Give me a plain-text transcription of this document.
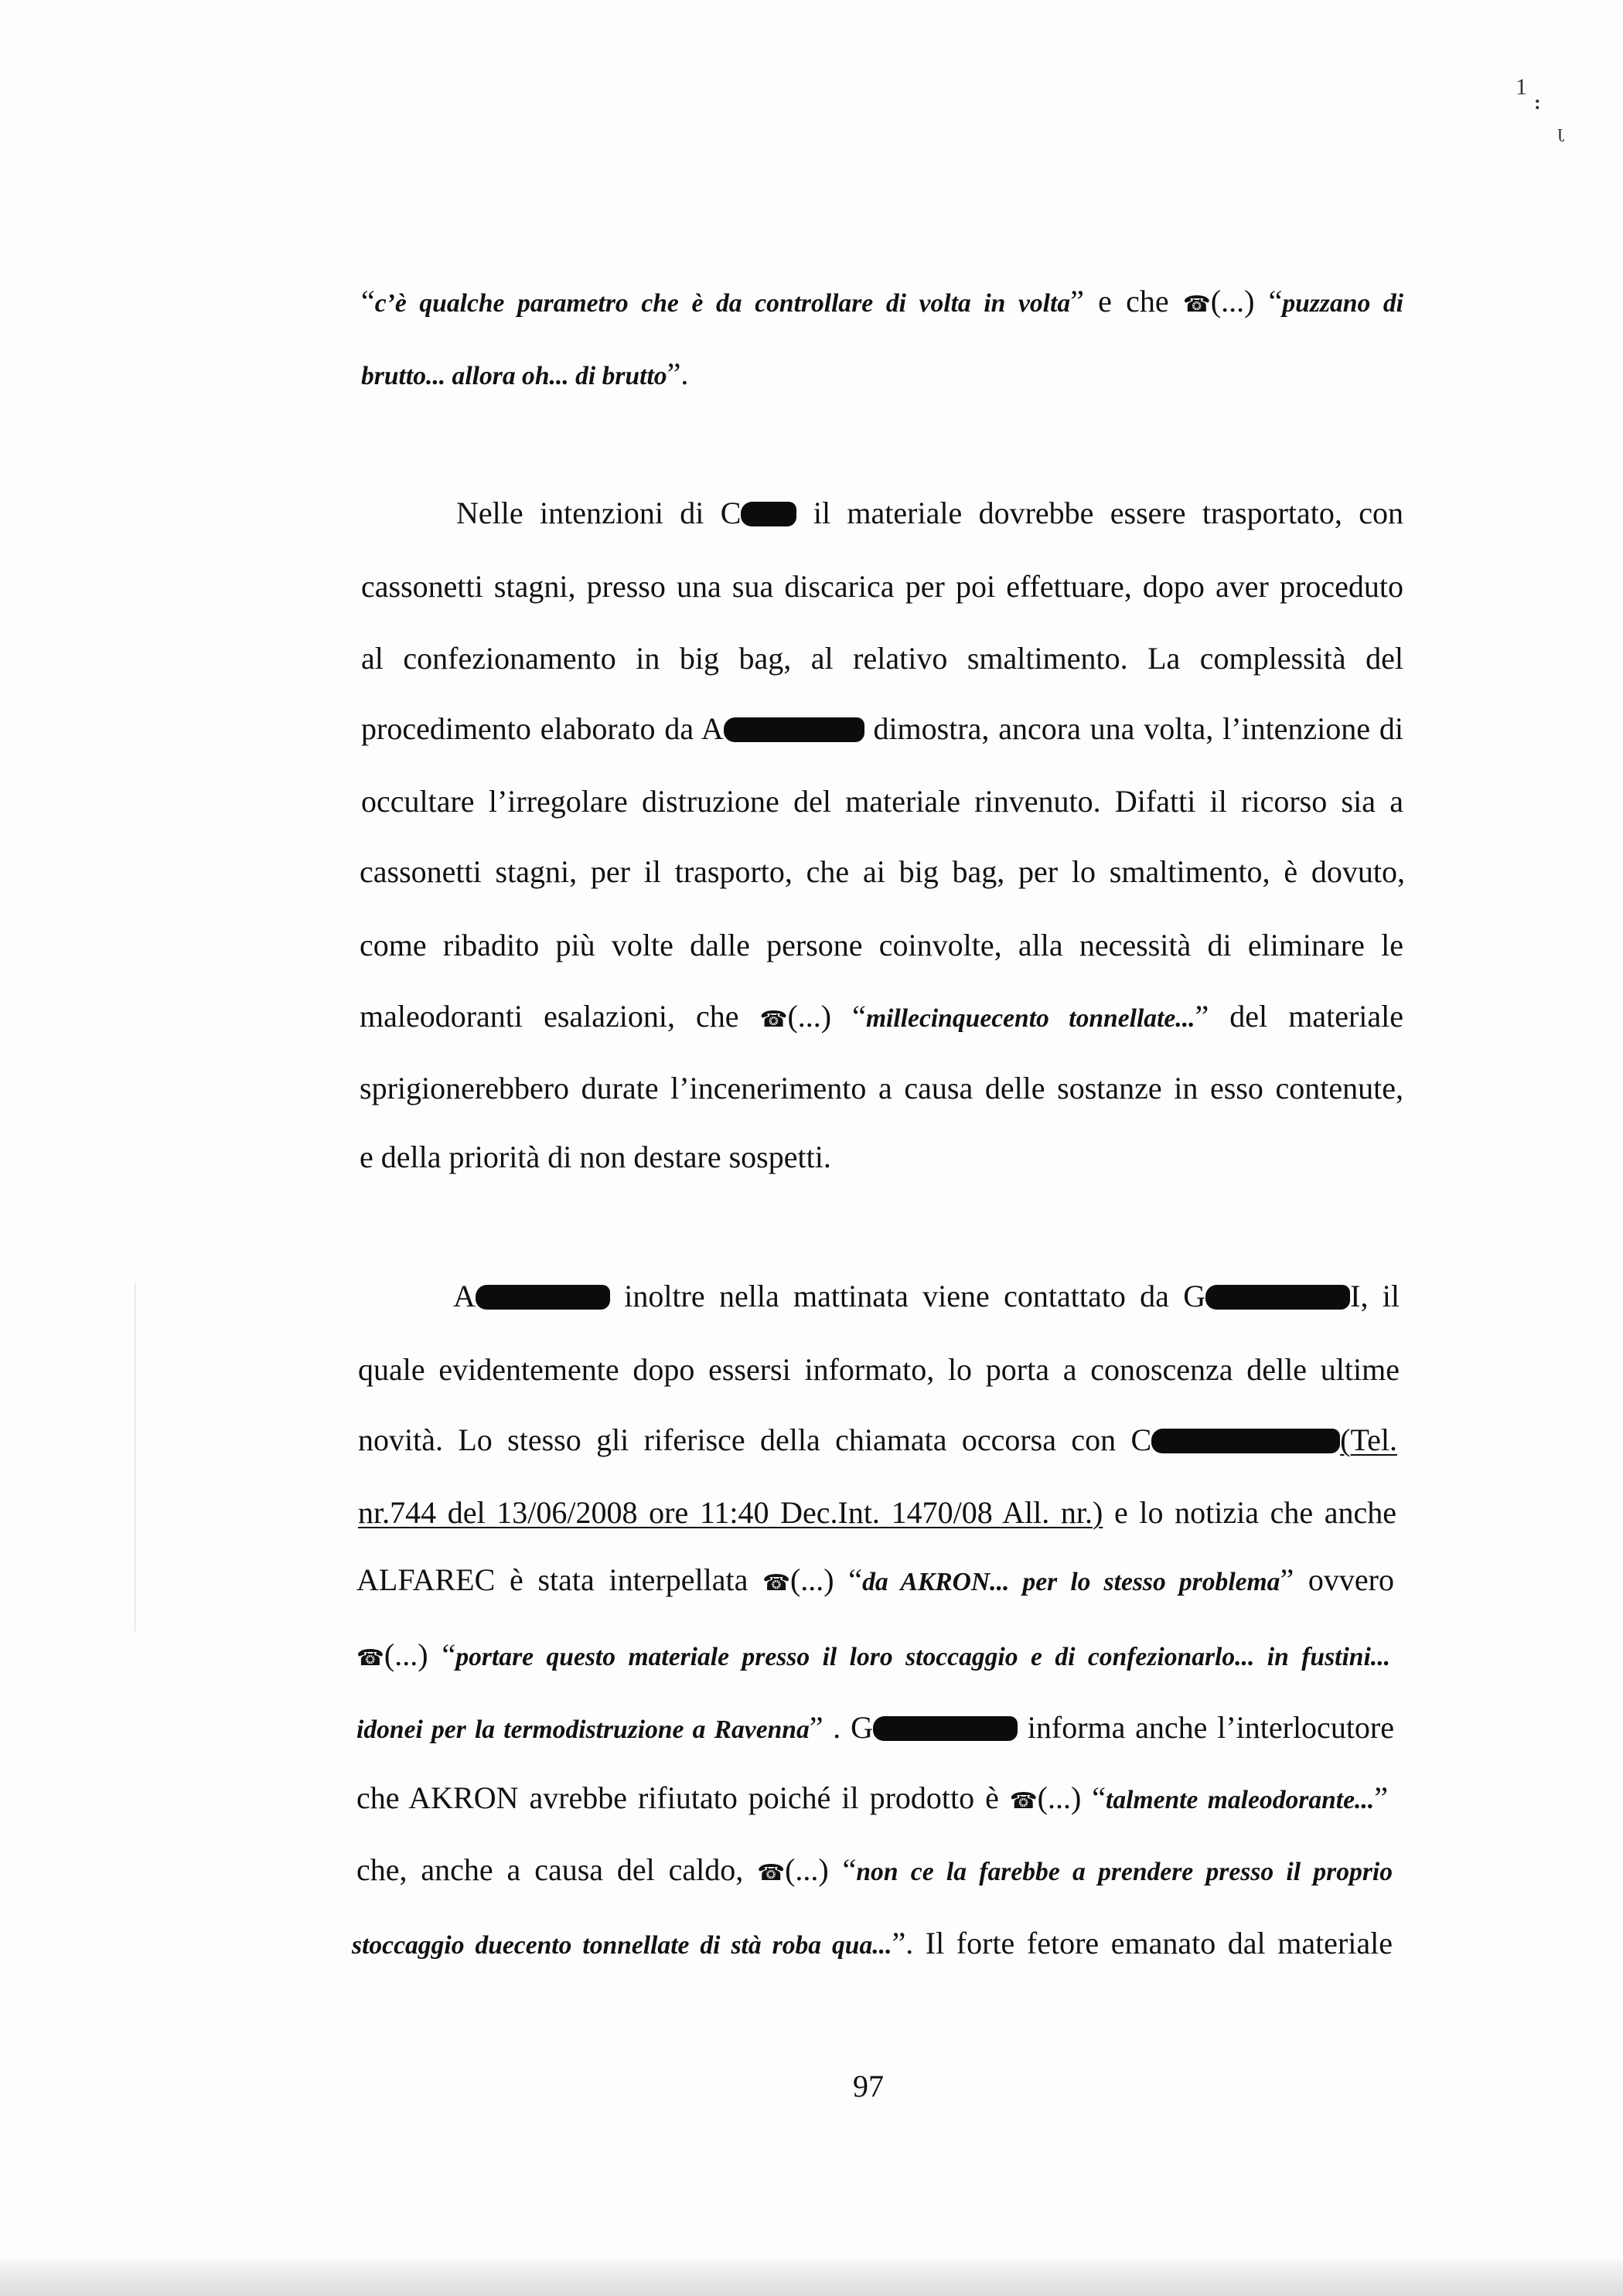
1
:
J
“c’è qualche parametro che è da controllare di volta in volta” e che ☎ (...) “puzzano di
brutto... allora oh... di brutto”.
Nelle intenzioni di C il materiale dovrebbe essere trasportato, con
cassonetti stagni, presso una sua discarica per poi effettuare, dopo aver proceduto
al confezionamento in big bag, al relativo smaltimento. La complessità del
procedimento elaborato da A	dimostra, ancora una volta, l’intenzione di
occultare l’irregolare distruzione del materiale rinvenuto. Difatti il ricorso sia a
cassonetti stagni, per il trasporto, che ai big bag, per lo smaltimento, è dovuto,
come ribadito più volte dalle persone coinvolte, alla necessità di eliminare le
maleodoranti esalazioni, che ☎ (...) “millecinquecento tonnellate...” del materiale
sprigionerebbero durate l’incenerimento a causa delle sostanze in esso contenute,
e della priorità di non destare sospetti.
A	inoltre nella mattinata viene contattato da G	I, il
quale evidentemente dopo essersi informato, lo porta a conoscenza delle ultime
novità. Lo stesso gli riferisce della chiamata occorsa con C	(Tel.
nr.744 del 13/06/2008 ore 11:40 Dec.Int. 1470/08 All. nr.) e lo notizia che anche
ALFAREC è stata interpellata ☎ (...) “da AKRON... per lo stesso problema” ovvero
☎ (...) “portare questo materiale presso il loro stoccaggio e di confezionarlo... in fustini...
idonei per la termodistruzione a Ravenna” . G	informa anche l’interlocutore
che AKRON avrebbe rifiutato poiché il prodotto è ☎ (...) “talmente maleodorante...”
che, anche a causa del caldo, ☎ (...) “non ce la farebbe a prendere presso il proprio
stoccaggio duecento tonnellate di stà roba qua...”. Il forte fetore emanato dal materiale
97
